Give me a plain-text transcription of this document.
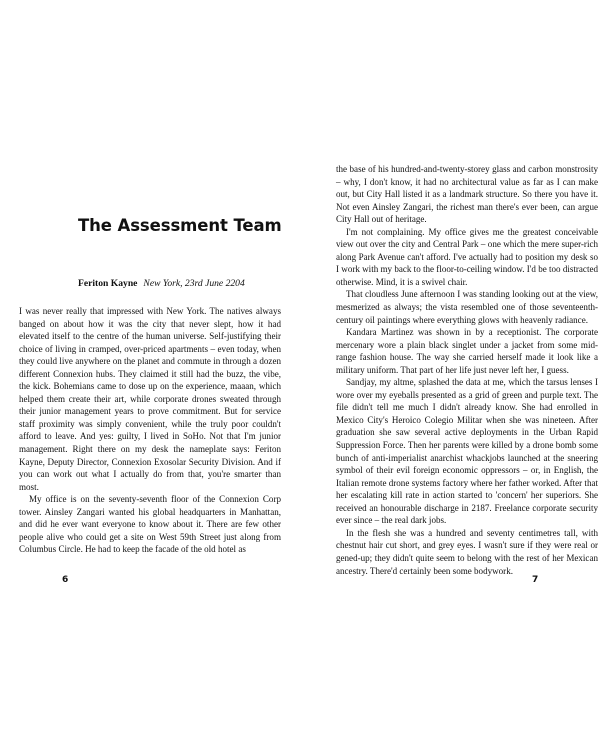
The Assessment Team
Feriton Kayne New York, 23rd June 2204

I was never really that impressed with New York. The natives always banged on about how it was the city that never slept, how it had elevated itself to the centre of the human universe. Self-justifying their choice of living in cramped, over-priced apartments – even today, when they could live anywhere on the planet and commute in through a dozen different Connexion hubs. They claimed it still had the buzz, the vibe, the kick. Bohemians came to dose up on the experience, maaan, which helped them create their art, while corporate drones sweated through their junior management years to prove commitment. But for service staff proximity was simply convenient, while the truly poor couldn't afford to leave. And yes: guilty, I lived in SoHo. Not that I'm junior management. Right there on my desk the nameplate says: Feriton Kayne, Deputy Director, Connexion Exosolar Security Division. And if you can work out what I actually do from that, you're smarter than most.

My office is on the seventy-seventh floor of the Connexion Corp tower. Ainsley Zangari wanted his global headquarters in Manhattan, and did he ever want everyone to know about it. There are few other people alive who could get a site on West 59th Street just along from Columbus Circle. He had to keep the facade of the old hotel as

6

the base of his hundred-and-twenty-storey glass and carbon monstrosity – why, I don't know, it had no architectural value as far as I can make out, but City Hall listed it as a landmark structure. So there you have it. Not even Ainsley Zangari, the richest man there's ever been, can argue City Hall out of heritage.

I'm not complaining. My office gives me the greatest conceivable view out over the city and Central Park – one which the mere super-rich along Park Avenue can't afford. I've actually had to position my desk so I work with my back to the floor-to-ceiling window. I'd be too distracted otherwise. Mind, it is a swivel chair.

That cloudless June afternoon I was standing looking out at the view, mesmerized as always; the vista resembled one of those seventeenth-century oil paintings where everything glows with heavenly radiance.

Kandara Martinez was shown in by a receptionist. The corporate mercenary wore a plain black singlet under a jacket from some mid-range fashion house. The way she carried herself made it look like a military uniform. That part of her life just never left her, I guess.

Sandjay, my altme, splashed the data at me, which the tarsus lenses I wore over my eyeballs presented as a grid of green and purple text. The file didn't tell me much I didn't already know. She had enrolled in Mexico City's Heroico Colegio Militar when she was nineteen. After graduation she saw several active deployments in the Urban Rapid Suppression Force. Then her parents were killed by a drone bomb some bunch of anti-imperialist anarchist whackjobs launched at the sneering symbol of their evil foreign economic oppressors – or, in English, the Italian remote drone systems factory where her father worked. After that her escalating kill rate in action started to 'concern' her superiors. She received an honourable discharge in 2187. Freelance corporate security ever since – the real dark jobs.

In the flesh she was a hundred and seventy centimetres tall, with chestnut hair cut short, and grey eyes. I wasn't sure if they were real or gened-up; they didn't quite seem to belong with the rest of her Mexican ancestry. There'd certainly been some bodywork.

7
